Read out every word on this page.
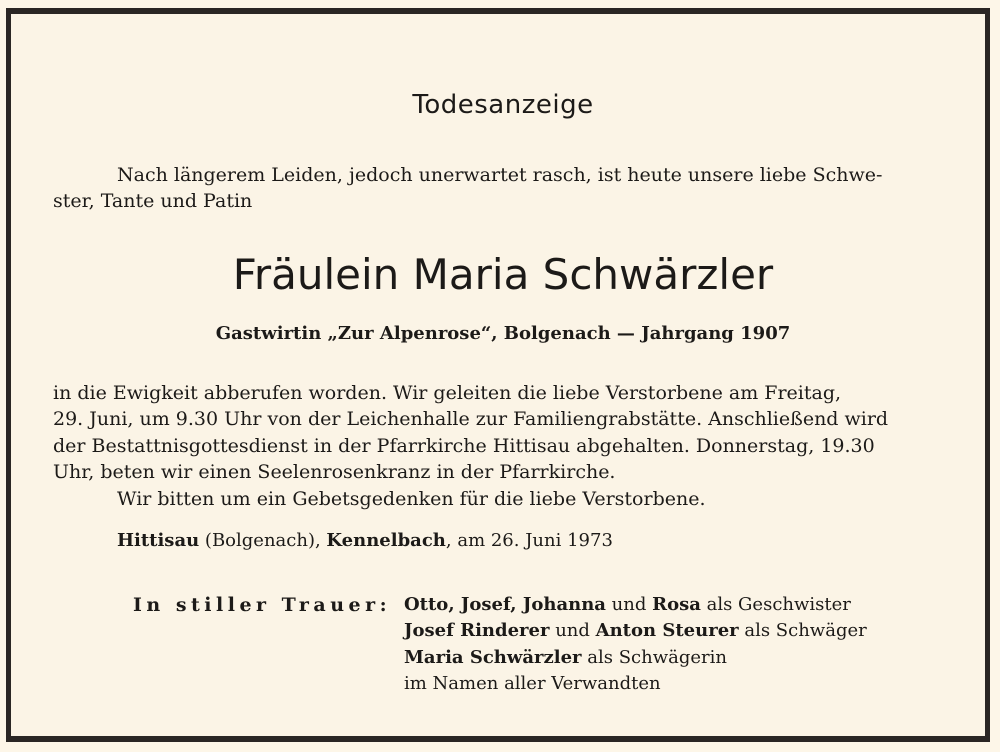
Todesanzeige
Nach längerem Leiden, jedoch unerwartet rasch, ist heute unsere liebe Schwe-
ster, Tante und Patin
Fräulein Maria Schwärzler
Gastwirtin „Zur Alpenrose“, Bolgenach — Jahrgang 1907
in die Ewigkeit abberufen worden. Wir geleiten die liebe Verstorbene am Freitag,
29. Juni, um 9.30 Uhr von der Leichenhalle zur Familiengrabstätte. Anschließend wird
der Bestattnisgottesdienst in der Pfarrkirche Hittisau abgehalten. Donnerstag, 19.30
Uhr, beten wir einen Seelenrosenkranz in der Pfarrkirche.
Wir bitten um ein Gebetsgedenken für die liebe Verstorbene.
Hittisau (Bolgenach), Kennelbach, am 26. Juni 1973
In stiller Trauer: Otto, Josef, Johanna und Rosa als Geschwister
Josef Rinderer und Anton Steurer als Schwäger
Maria Schwärzler als Schwägerin
im Namen aller Verwandten
